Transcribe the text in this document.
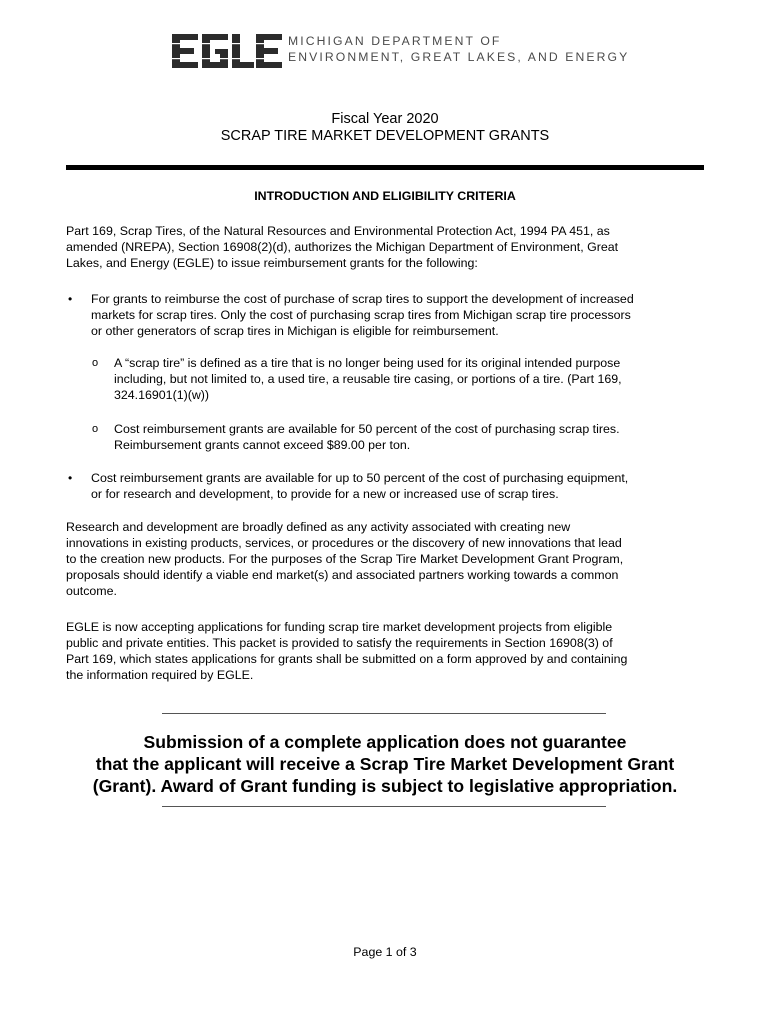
MICHIGAN DEPARTMENT OF
ENVIRONMENT, GREAT LAKES, AND ENERGY
Fiscal Year 2020
SCRAP TIRE MARKET DEVELOPMENT GRANTS
INTRODUCTION AND ELIGIBILITY CRITERIA

Part 169, Scrap Tires, of the Natural Resources and Environmental Protection Act, 1994 PA 451, as

amended (NREPA), Section 16908(2)(d), authorizes the Michigan Department of Environment, Great

Lakes, and Energy (EGLE) to issue reimbursement grants for the following:

• For grants to reimburse the cost of purchase of scrap tires to support the development of increased

markets for scrap tires. Only the cost of purchasing scrap tires from Michigan scrap tire processors

or other generators of scrap tires in Michigan is eligible for reimbursement.

o A “scrap tire” is defined as a tire that is no longer being used for its original intended purpose

including, but not limited to, a used tire, a reusable tire casing, or portions of a tire. (Part 169,

324.16901(1)(w))

o Cost reimbursement grants are available for 50 percent of the cost of purchasing scrap tires.

Reimbursement grants cannot exceed $89.00 per ton.

• Cost reimbursement grants are available for up to 50 percent of the cost of purchasing equipment,

or for research and development, to provide for a new or increased use of scrap tires.

Research and development are broadly defined as any activity associated with creating new

innovations in existing products, services, or procedures or the discovery of new innovations that lead

to the creation new products. For the purposes of the Scrap Tire Market Development Grant Program,

proposals should identify a viable end market(s) and associated partners working towards a common

outcome.

EGLE is now accepting applications for funding scrap tire market development projects from eligible

public and private entities. This packet is provided to satisfy the requirements in Section 16908(3) of

Part 169, which states applications for grants shall be submitted on a form approved by and containing

the information required by EGLE.

Submission of a complete application does not guarantee
that the applicant will receive a Scrap Tire Market Development Grant
(Grant). Award of Grant funding is subject to legislative appropriation.
Page 1 of 3
